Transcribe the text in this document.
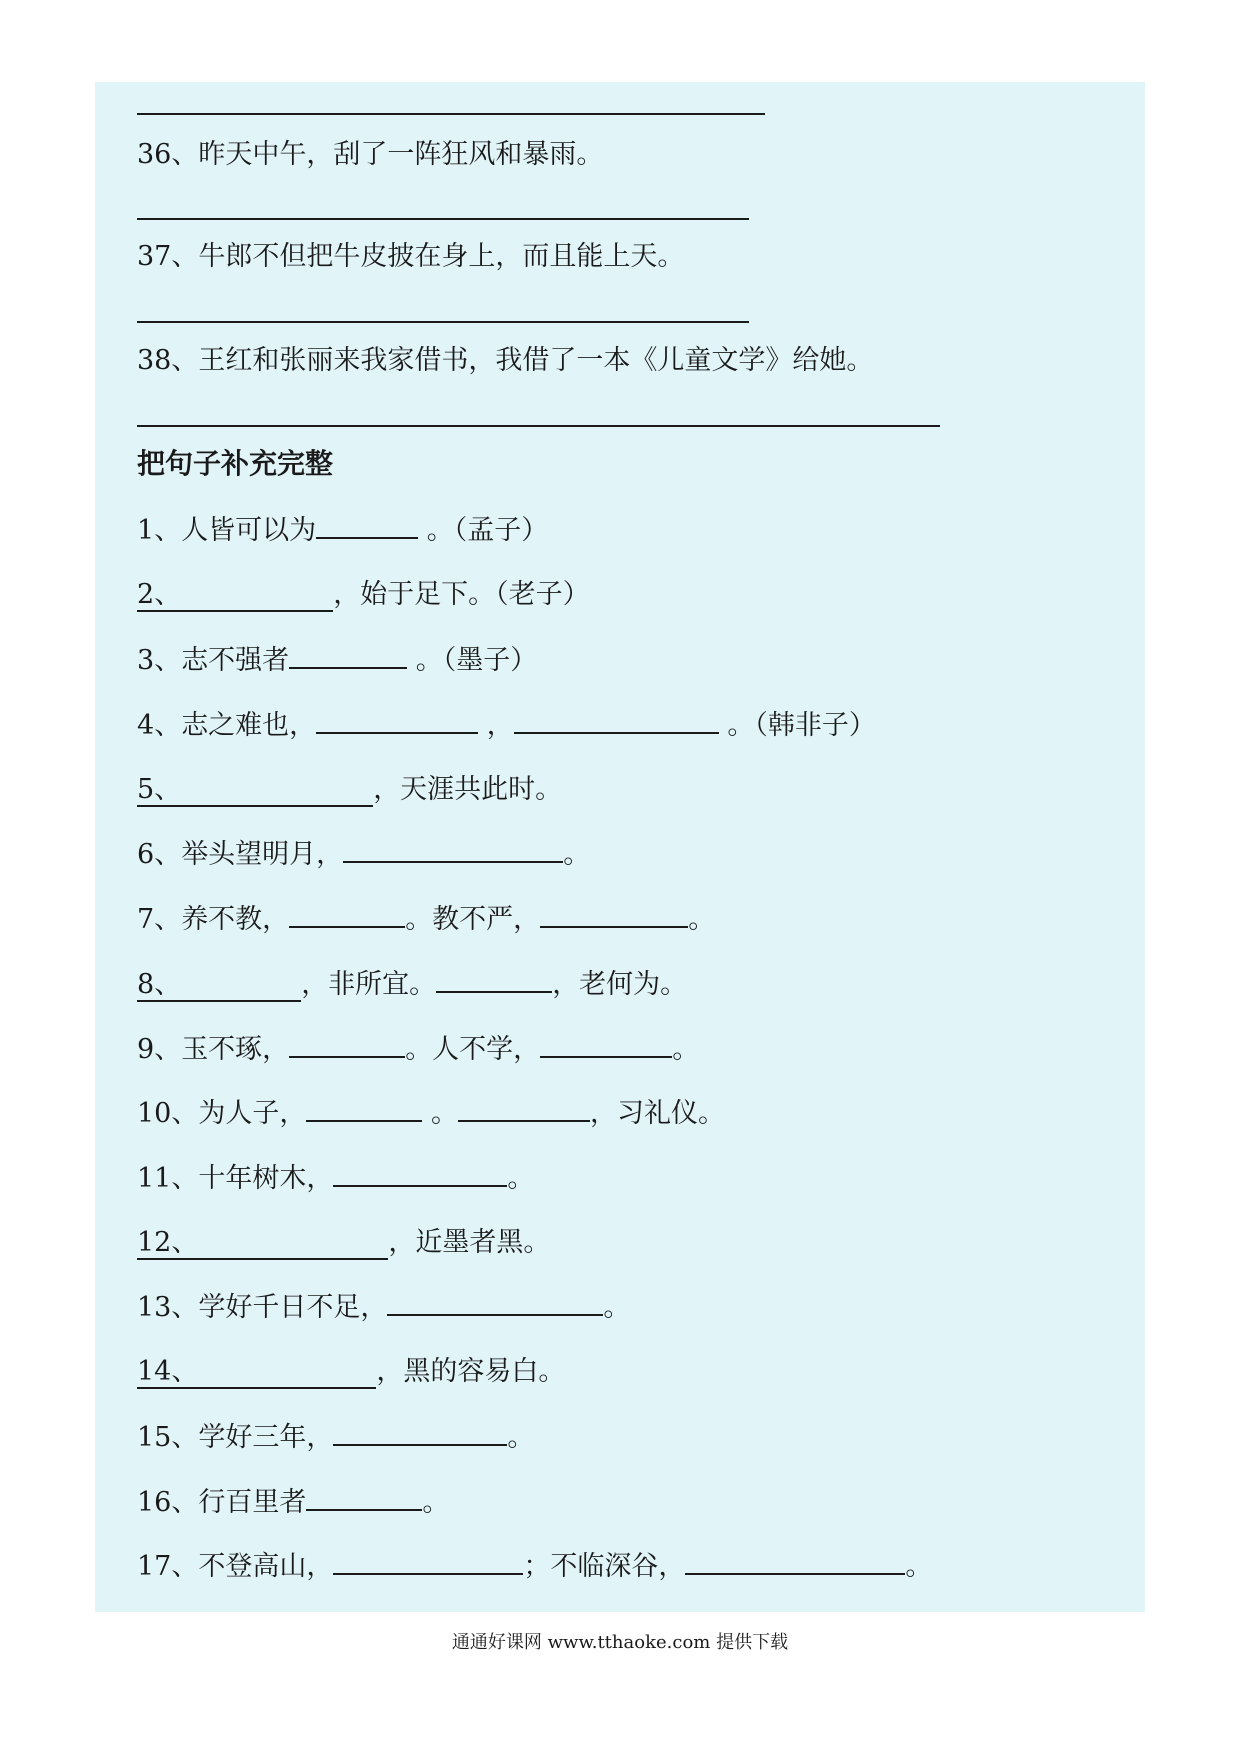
36、昨天中午，刮了一阵狂风和暴雨。
37、牛郎不但把牛皮披在身上，而且能上天。
38、王红和张丽来我家借书，我借了一本《儿童文学》给她。
把句子补充完整
1、人皆可以为	。（孟子）
2、	，始于足下。（老子）
3、志不强者	。（墨子）
4、志之难也，	，	。（韩非子）
5、	，天涯共此时。
6、举头望明月，	。
7、养不教，	。教不严，	。
8、	，非所宜。	，老何为。
9、玉不琢，	。人不学，	。
10、为人子，	。	，习礼仪。
11、十年树木，	。
12、	，近墨者黑。
13、学好千日不足，	。
14、	，黑的容易白。
15、学好三年，	。
16、行百里者	。
17、不登高山，	；不临深谷，	。
通通好课网 www.tthaoke.com 提供下载
